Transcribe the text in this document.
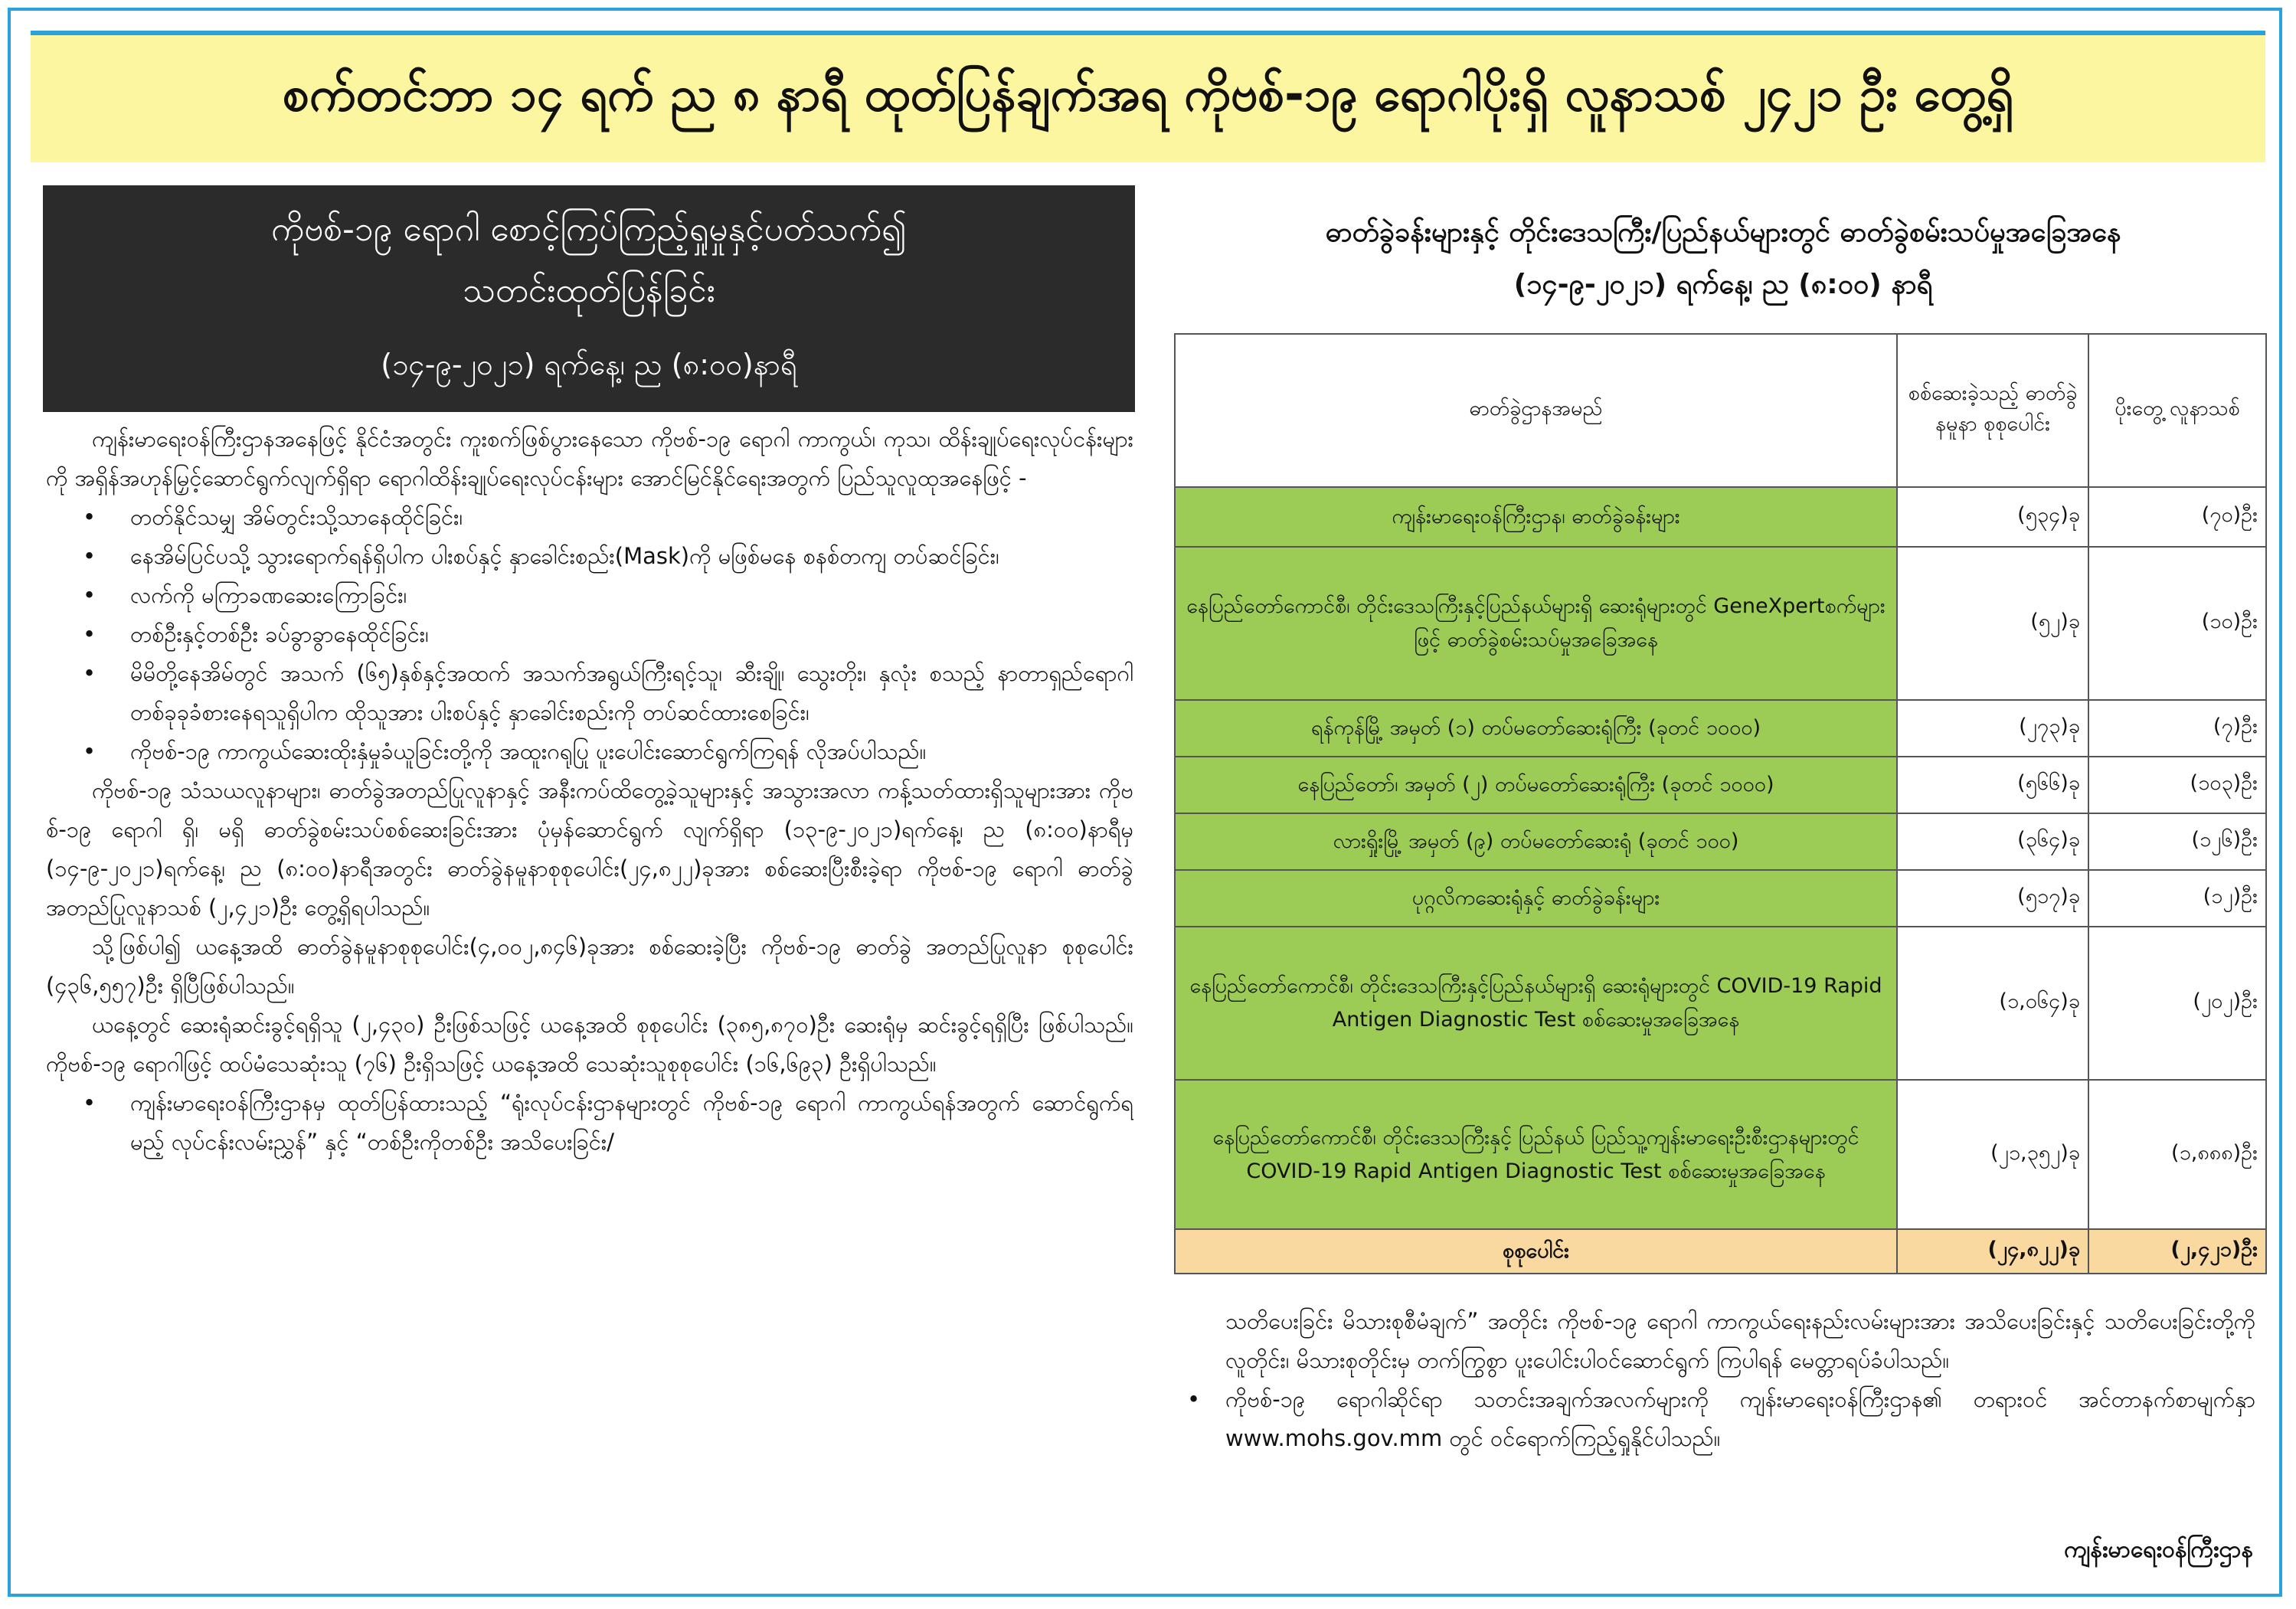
စက်တင်ဘာ ၁၄ ရက် ည ၈ နာရီ ထုတ်ပြန်ချက်အရ ကိုဗစ်-၁၉ ရောဂါပိုးရှိ လူနာသစ် ၂၄၂၁ ဦး တွေ့ရှိ
ကိုဗစ်-၁၉ ရောဂါ စောင့်ကြပ်ကြည့်ရှုမှုနှင့်ပတ်သက်၍
သတင်းထုတ်ပြန်ခြင်း
(၁၄-၉-၂၀၂၁) ရက်နေ့၊ ည (၈:၀၀)နာရီ

ကျန်းမာရေးဝန်ကြီးဌာနအနေဖြင့် နိုင်ငံအတွင်း ကူးစက်ဖြစ်ပွားနေသော ကိုဗစ်-၁၉ ရောဂါ ကာကွယ်၊ ကုသ၊ ထိန်းချုပ်ရေးလုပ်ငန်းများကို အရှိန်အဟုန်မြှင့်ဆောင်ရွက်လျက်ရှိရာ ရောဂါထိန်းချုပ်ရေးလုပ်ငန်းများ အောင်မြင်နိုင်ရေးအတွက် ပြည်သူလူထုအနေဖြင့် -

• တတ်နိုင်သမျှ အိမ်တွင်းသို့သာနေထိုင်ခြင်း၊
• နေအိမ်ပြင်ပသို့ သွားရောက်ရန်ရှိပါက ပါးစပ်နှင့် နှာခေါင်းစည်း(Mask)ကို မဖြစ်မနေ စနစ်တကျ တပ်ဆင်ခြင်း၊
• လက်ကို မကြာခဏဆေးကြောခြင်း၊
• တစ်ဦးနှင့်တစ်ဦး ခပ်ခွာခွာနေထိုင်ခြင်း၊
• မိမိတို့နေအိမ်တွင် အသက် (၆၅)နှစ်နှင့်အထက် အသက်အရွယ်ကြီးရင့်သူ၊ ဆီးချို၊ သွေးတိုး၊ နှလုံး စသည့် နာတာရှည်ရောဂါတစ်ခုခုခံစားနေရသူရှိပါက ထိုသူအား ပါးစပ်နှင့် နှာခေါင်းစည်းကို တပ်ဆင်ထားစေခြင်း၊
• ကိုဗစ်-၁၉ ကာကွယ်ဆေးထိုးနှံမှုခံယူခြင်းတို့ကို အထူးဂရုပြု ပူးပေါင်းဆောင်ရွက်ကြရန် လိုအပ်ပါသည်။

ကိုဗစ်-၁၉ သံသယလူနာများ၊ ဓာတ်ခွဲအတည်ပြုလူနာနှင့် အနီးကပ်ထိတွေ့ခဲ့သူများနှင့် အသွားအလာ ကန့်သတ်ထားရှိသူများအား ကိုဗစ်-၁၉ ရောဂါ ရှိ၊ မရှိ ဓာတ်ခွဲစမ်းသပ်စစ်ဆေးခြင်းအား ပုံမှန်ဆောင်ရွက် လျက်ရှိရာ (၁၃-၉-၂၀၂၁)ရက်နေ့၊ ည (၈:၀၀)နာရီမှ (၁၄-၉-၂၀၂၁)ရက်နေ့၊ ည (၈:၀၀)နာရီအတွင်း ဓာတ်ခွဲနမူနာစုစုပေါင်း(၂၄,၈၂၂)ခုအား စစ်ဆေးပြီးစီးခဲ့ရာ ကိုဗစ်-၁၉ ရောဂါ ဓာတ်ခွဲအတည်ပြုလူနာသစ် (၂,၄၂၁)ဦး တွေ့ရှိရပါသည်။

သို့ဖြစ်ပါ၍ ယနေ့အထိ ဓာတ်ခွဲနမူနာစုစုပေါင်း(၄,၀၀၂,၈၄၆)ခုအား စစ်ဆေးခဲ့ပြီး ကိုဗစ်-၁၉ ဓာတ်ခွဲ အတည်ပြုလူနာ စုစုပေါင်း (၄၃၆,၅၅၇)ဦး ရှိပြီဖြစ်ပါသည်။

ယနေ့တွင် ဆေးရုံဆင်းခွင့်ရရှိသူ (၂,၄၃၀) ဦးဖြစ်သဖြင့် ယနေ့အထိ စုစုပေါင်း (၃၈၅,၈၇၀)ဦး ဆေးရုံမှ ဆင်းခွင့်ရရှိပြီး ဖြစ်ပါသည်။ ကိုဗစ်-၁၉ ရောဂါဖြင့် ထပ်မံသေဆုံးသူ (၇၆) ဦးရှိသဖြင့် ယနေ့အထိ သေဆုံးသူစုစုပေါင်း (၁၆,၆၉၃) ဦးရှိပါသည်။

• ကျန်းမာရေးဝန်ကြီးဌာနမှ ထုတ်ပြန်ထားသည့် “ရုံးလုပ်ငန်းဌာနများတွင် ကိုဗစ်-၁၉ ရောဂါ ကာကွယ်ရန်အတွက် ဆောင်ရွက်ရမည့် လုပ်ငန်းလမ်းညွှန်” နှင့် “တစ်ဦးကိုတစ်ဦး အသိပေးခြင်း/
ဓာတ်ခွဲခန်းများနှင့် တိုင်းဒေသကြီး/ပြည်နယ်များတွင် ဓာတ်ခွဲစမ်းသပ်မှုအခြေအနေ
(၁၄-၉-၂၀၂၁) ရက်နေ့၊ ည (၈:၀၀) နာရီ
ဓာတ်ခွဲဌာနအမည်	စစ်ဆေးခဲ့သည့် ဓာတ်ခွဲနမူနာ စုစုပေါင်း	ပိုးတွေ့ လူနာသစ်
ကျန်းမာရေးဝန်ကြီးဌာန၊ ဓာတ်ခွဲခန်းများ	(၅၃၄)ခု	(၇၀)ဦး
နေပြည်တော်ကောင်စီ၊ တိုင်းဒေသကြီးနှင့်ပြည်နယ်များရှိ ဆေးရုံများတွင် GeneXpertစက်များဖြင့် ဓာတ်ခွဲစမ်းသပ်မှုအခြေအနေ	(၅၂)ခု	(၁၀)ဦး
ရန်ကုန်မြို့ အမှတ် (၁) တပ်မတော်ဆေးရုံကြီး (ခုတင် ၁၀၀၀)	(၂၇၃)ခု	(၇)ဦး
နေပြည်တော်၊ အမှတ် (၂) တပ်မတော်ဆေးရုံကြီး (ခုတင် ၁၀၀၀)	(၅၆၆)ခု	(၁၀၃)ဦး
လားရှိုးမြို့ အမှတ် (၉) တပ်မတော်ဆေးရုံ (ခုတင် ၁၀၀)	(၃၆၄)ခု	(၁၂၆)ဦး
ပုဂ္ဂလိကဆေးရုံနှင့် ဓာတ်ခွဲခန်းများ	(၅၁၇)ခု	(၁၂)ဦး
နေပြည်တော်ကောင်စီ၊ တိုင်းဒေသကြီးနှင့်ပြည်နယ်များရှိ ဆေးရုံများတွင် COVID-19 Rapid Antigen Diagnostic Test စစ်ဆေးမှုအခြေအနေ	(၁,၀၆၄)ခု	(၂၀၂)ဦး
နေပြည်တော်ကောင်စီ၊ တိုင်းဒေသကြီးနှင့် ပြည်နယ် ပြည်သူ့ကျန်းမာရေးဦးစီးဌာနများတွင် COVID-19 Rapid Antigen Diagnostic Test စစ်ဆေးမှုအခြေအနေ	(၂၁,၃၅၂)ခု	(၁,၈၈၈)ဦး
စုစုပေါင်း	(၂၄,၈၂၂)ခု	(၂,၄၂၁)ဦး

သတိပေးခြင်း မိသားစုစီမံချက်” အတိုင်း ကိုဗစ်-၁၉ ရောဂါ ကာကွယ်ရေးနည်းလမ်းများအား အသိပေးခြင်းနှင့် သတိပေးခြင်းတို့ကို လူတိုင်း၊ မိသားစုတိုင်းမှ တက်ကြွစွာ ပူးပေါင်းပါဝင်ဆောင်ရွက် ကြပါရန် မေတ္တာရပ်ခံပါသည်။

• ကိုဗစ်-၁၉ ရောဂါဆိုင်ရာ သတင်းအချက်အလက်များကို ကျန်းမာရေးဝန်ကြီးဌာန၏ တရားဝင် အင်တာနက်စာမျက်နှာ www.mohs.gov.mm တွင် ဝင်ရောက်ကြည့်ရှုနိုင်ပါသည်။

ကျန်းမာရေးဝန်ကြီးဌာန
